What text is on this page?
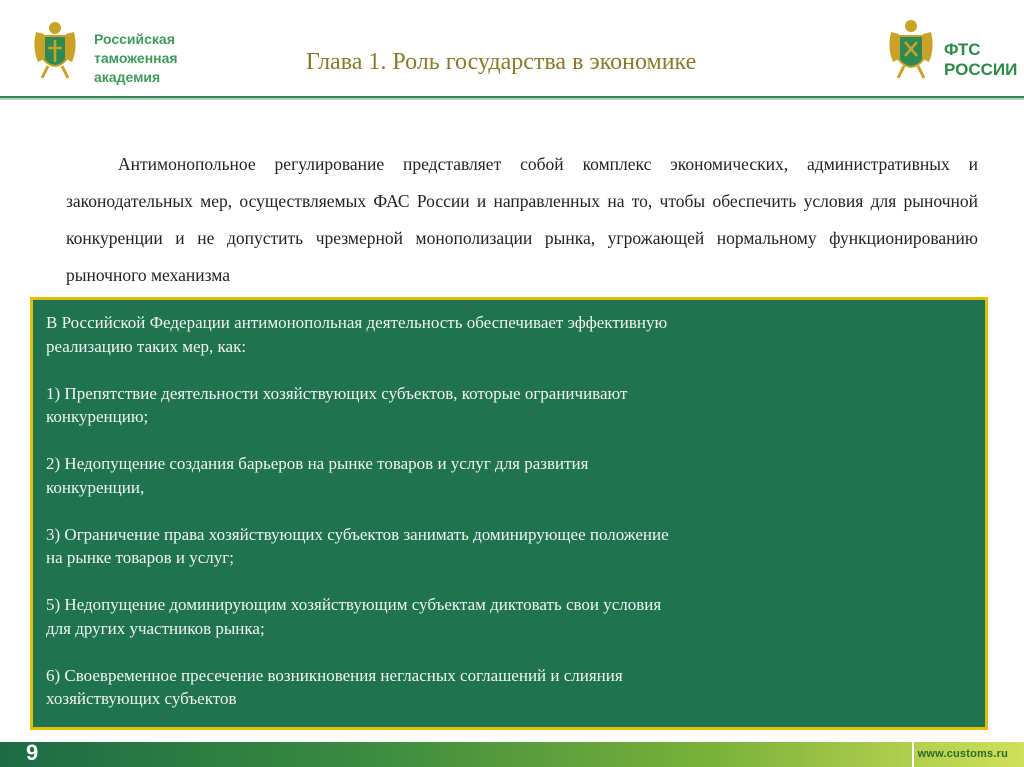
Российская
таможенная
академия
Глава 1. Роль государства в экономике	ФТС
РОССИИ

Антимонопольное регулирование представляет собой комплекс экономических, административных и законодательных мер, осуществляемых ФАС России и направленных на то, чтобы обеспечить условия для рыночной конкуренции и не допустить чрезмерной монополизации рынка, угрожающей нормальному функционированию рыночного механизма

В Российской Федерации антимонопольная деятельность обеспечивает эффективную реализацию таких мер, как:

1) Препятствие деятельности хозяйствующих субъектов, которые ограничивают конкуренцию;

2) Недопущение создания барьеров на рынке товаров и услуг для развития конкуренции,

3) Ограничение права хозяйствующих субъектов занимать доминирующее положение на рынке товаров и услуг;

5) Недопущение доминирующим хозяйствующим субъектам диктовать свои условия для других участников рынка;

6) Своевременное пресечение возникновения негласных соглашений и слияния хозяйствующих субъектов

9	www.customs.ru
